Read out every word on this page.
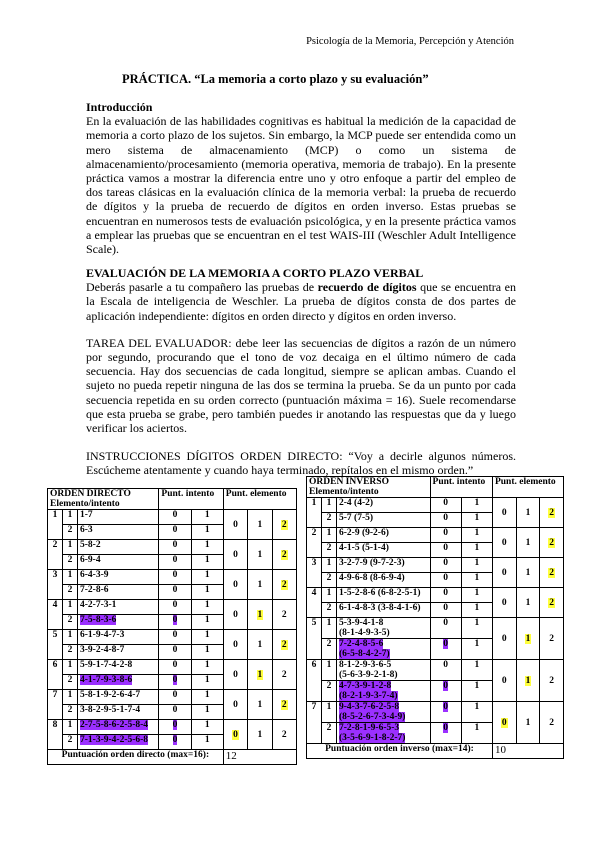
Psicología de la Memoria, Percepción y Atención
PRÁCTICA. “La memoria a corto plazo y su evaluación”
Introducción

En la evaluación de las habilidades cognitivas es habitual la medición de la capacidad de memoria a corto plazo de los sujetos. Sin embargo, la MCP puede ser entendida como un mero sistema de almacenamiento (MCP) o como un sistema de almacenamiento/procesamiento (memoria operativa, memoria de trabajo). En la presente práctica vamos a mostrar la diferencia entre uno y otro enfoque a partir del empleo de dos tareas clásicas en la evaluación clínica de la memoria verbal: la prueba de recuerdo de dígitos y la prueba de recuerdo de dígitos en orden inverso. Estas pruebas se encuentran en numerosos tests de evaluación psicológica, y en la presente práctica vamos a emplear las pruebas que se encuentran en el test WAIS-III (Weschler Adult Intelligence Scale).

EVALUACIÓN DE LA MEMORIA A CORTO PLAZO VERBAL

Deberás pasarle a tu compañero las pruebas de recuerdo de dígitos que se encuentra en la Escala de inteligencia de Weschler. La prueba de dígitos consta de dos partes de aplicación independiente: dígitos en orden directo y dígitos en orden inverso.

TAREA DEL EVALUADOR: debe leer las secuencias de dígitos a razón de un número por segundo, procurando que el tono de voz decaiga en el último número de cada secuencia. Hay dos secuencias de cada longitud, siempre se aplican ambas. Cuando el sujeto no pueda repetir ninguna de las dos se termina la prueba. Se da un punto por cada secuencia repetida en su orden correcto (puntuación máxima = 16). Suele recomendarse que esta prueba se grabe, pero también puedes ir anotando las respuestas que da y luego verificar los aciertos.

INSTRUCCIONES DÍGITOS ORDEN DIRECTO: “Voy a decirle algunos números. Escúcheme atentamente y cuando haya terminado, repítalos en el mismo orden.”

ORDEN DIRECTO
Elemento/intento			Punt. intento		Punt. elemento		
1	1	1-7	0	1	0	1	2
	2	6-3	0	1			
2	1	5-8-2	0	1	0	1	2
	2	6-9-4	0	1			
3	1	6-4-3-9	0	1	0	1	2
	2	7-2-8-6	0	1			
4	1	4-2-7-3-1	0	1	0	1	2
	2	7-5-8-3-6	0	1			
5	1	6-1-9-4-7-3	0	1	0	1	2
	2	3-9-2-4-8-7	0	1			
6	1	5-9-1-7-4-2-8	0	1	0	1	2
	2	4-1-7-9-3-8-6	0	1			
7	1	5-8-1-9-2-6-4-7	0	1	0	1	2
	2	3-8-2-9-5-1-7-4	0	1			
8	1	2-7-5-8-6-2-5-8-4	0	1	0	1	2
	2	7-1-3-9-4-2-5-6-8	0	1			
Puntuación orden directo (max=16):					12		
ORDEN INVERSO
Elemento/intento			Punt. intento		Punt. elemento		
1	1	2-4 (4-2)	0	1	0	1	2
	2	5-7 (7-5)	0	1			
2	1	6-2-9 (9-2-6)	0	1	0	1	2
	2	4-1-5 (5-1-4)	0	1			
3	1	3-2-7-9 (9-7-2-3)	0	1	0	1	2
	2	4-9-6-8 (8-6-9-4)	0	1			
4	1	1-5-2-8-6 (6-8-2-5-1)	0	1	0	1	2
	2	6-1-4-8-3 (3-8-4-1-6)	0	1			
5	1	5-3-9-4-1-8
(8-1-4-9-3-5)	0	1	0	1	2
	2	7-2-4-8-5-6
(6-5-8-4-2-7)	0	1			
6	1	8-1-2-9-3-6-5
(5-6-3-9-2-1-8)	0	1	0	1	2
	2	4-7-3-9-1-2-8
(8-2-1-9-3-7-4)	0	1			
7	1	9-4-3-7-6-2-5-8
(8-5-2-6-7-3-4-9)	0	1	0	1	2
	2	7-2-8-1-9-6-5-3
(3-5-6-9-1-8-2-7)	0	1			
Puntuación orden inverso (max=14):					10		
